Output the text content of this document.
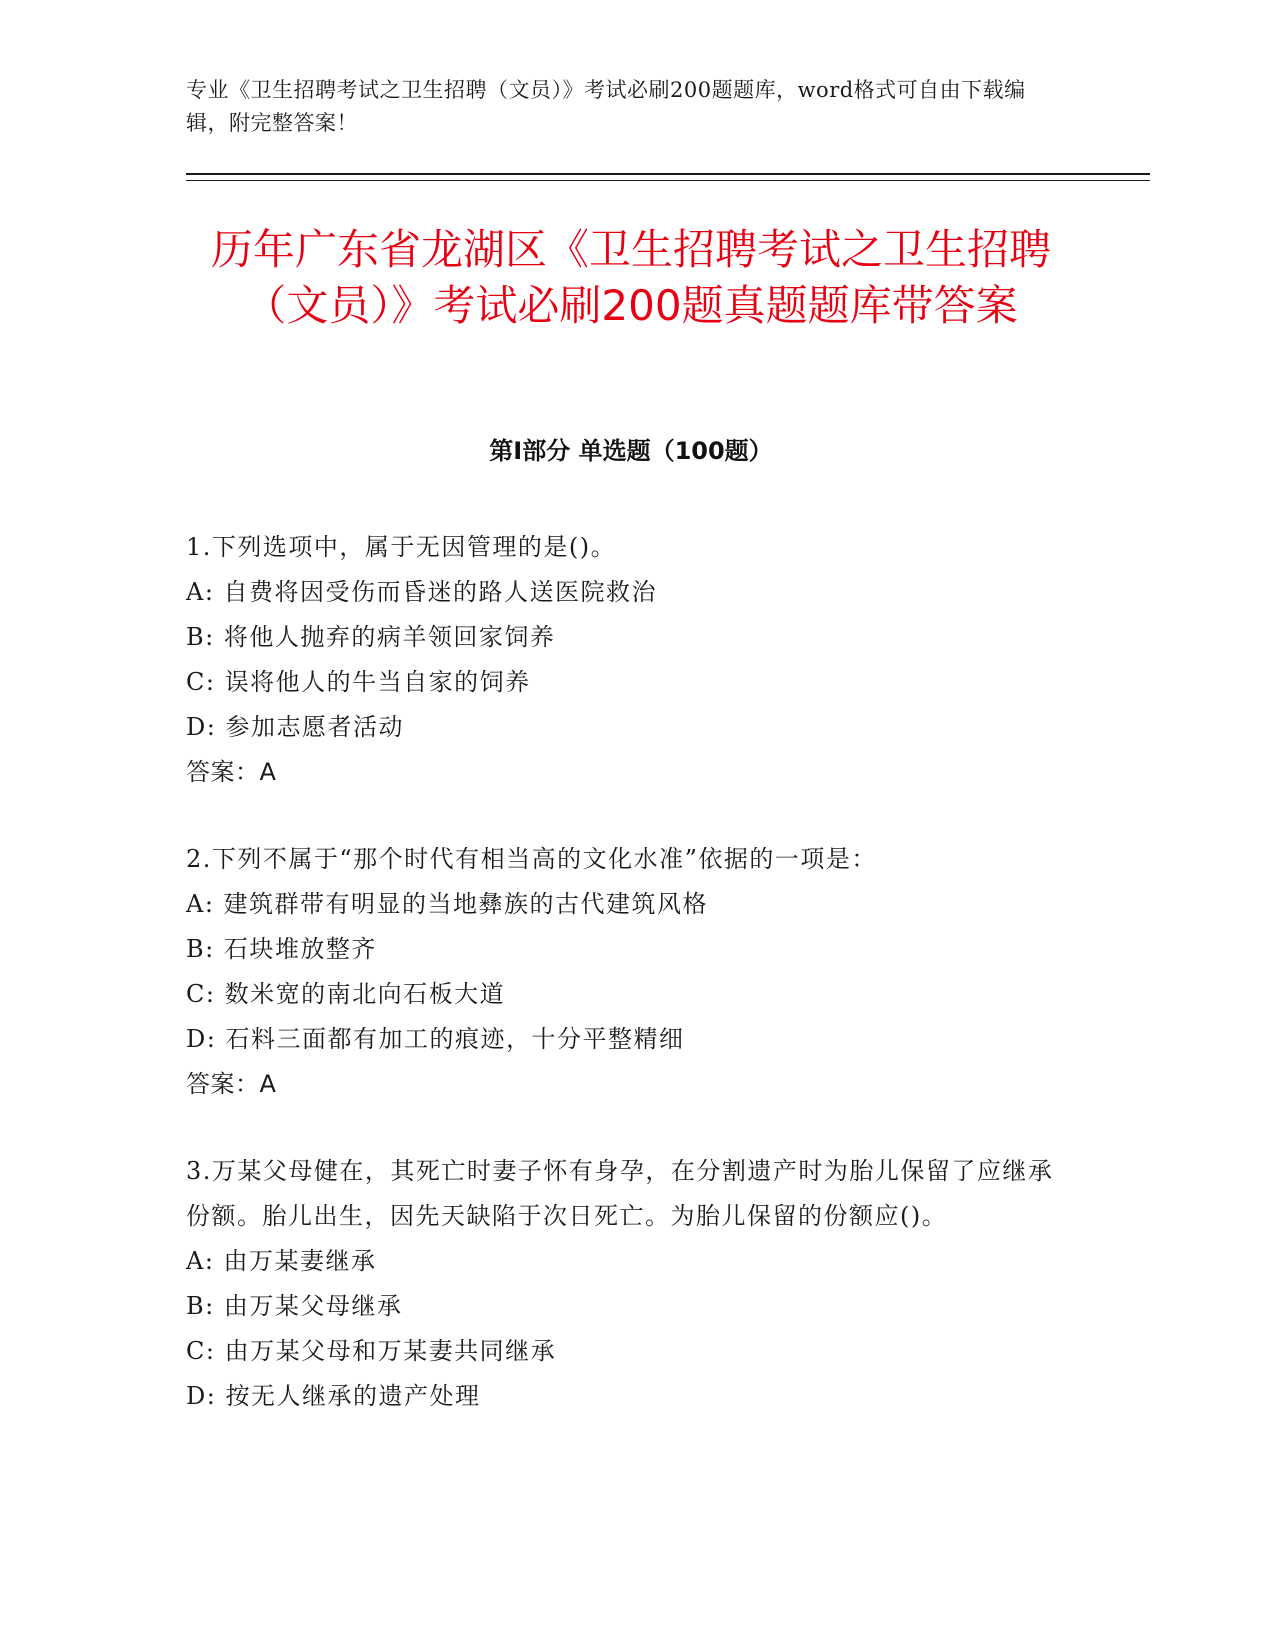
专业《卫生招聘考试之卫生招聘（文员）》考试必刷200题题库，word格式可自由下载编辑，附完整答案！
历年广东省龙湖区《卫生招聘考试之卫生招聘（文员）》考试必刷200题真题题库带答案
第I部分 单选题（100题）

1.下列选项中，属于无因管理的是()。

A: 自费将因受伤而昏迷的路人送医院救治

B: 将他人抛弃的病羊领回家饲养

C: 误将他人的牛当自家的饲养

D: 参加志愿者活动

答案：A

2.下列不属于“那个时代有相当高的文化水准”依据的一项是：

A: 建筑群带有明显的当地彝族的古代建筑风格

B: 石块堆放整齐

C: 数米宽的南北向石板大道

D: 石料三面都有加工的痕迹，十分平整精细

答案：A

3.万某父母健在，其死亡时妻子怀有身孕，在分割遗产时为胎儿保留了应继承份额。胎儿出生，因先天缺陷于次日死亡。为胎儿保留的份额应()。

A: 由万某妻继承

B: 由万某父母继承

C: 由万某父母和万某妻共同继承

D: 按无人继承的遗产处理
